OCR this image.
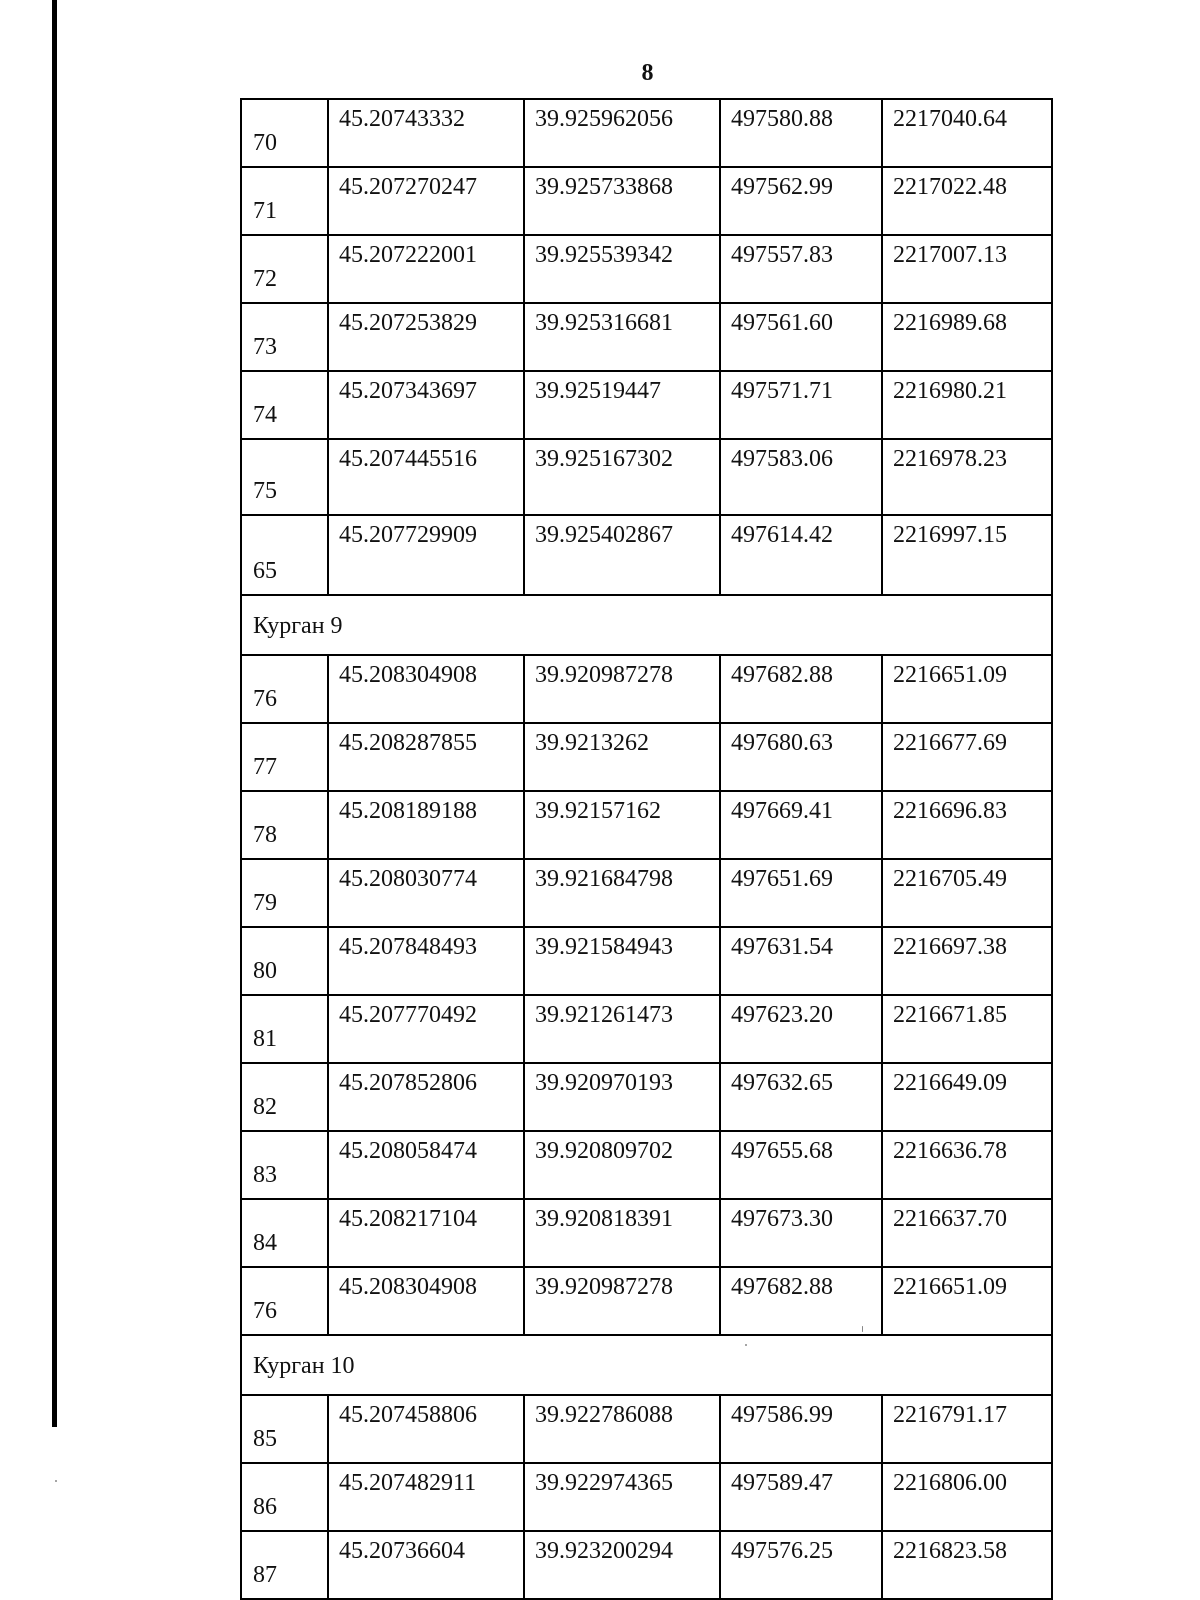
8
70	45.20743332	39.925962056	497580.88	2217040.64
71	45.207270247	39.925733868	497562.99	2217022.48
72	45.207222001	39.925539342	497557.83	2217007.13
73	45.207253829	39.925316681	497561.60	2216989.68
74	45.207343697	39.92519447	497571.71	2216980.21
75	45.207445516	39.925167302	497583.06	2216978.23
65	45.207729909	39.925402867	497614.42	2216997.15
Курган 9				
76	45.208304908	39.920987278	497682.88	2216651.09
77	45.208287855	39.9213262	497680.63	2216677.69
78	45.208189188	39.92157162	497669.41	2216696.83
79	45.208030774	39.921684798	497651.69	2216705.49
80	45.207848493	39.921584943	497631.54	2216697.38
81	45.207770492	39.921261473	497623.20	2216671.85
82	45.207852806	39.920970193	497632.65	2216649.09
83	45.208058474	39.920809702	497655.68	2216636.78
84	45.208217104	39.920818391	497673.30	2216637.70
76	45.208304908	39.920987278	497682.88	2216651.09
Курган 10				
85	45.207458806	39.922786088	497586.99	2216791.17
86	45.207482911	39.922974365	497589.47	2216806.00
87	45.20736604	39.923200294	497576.25	2216823.58
